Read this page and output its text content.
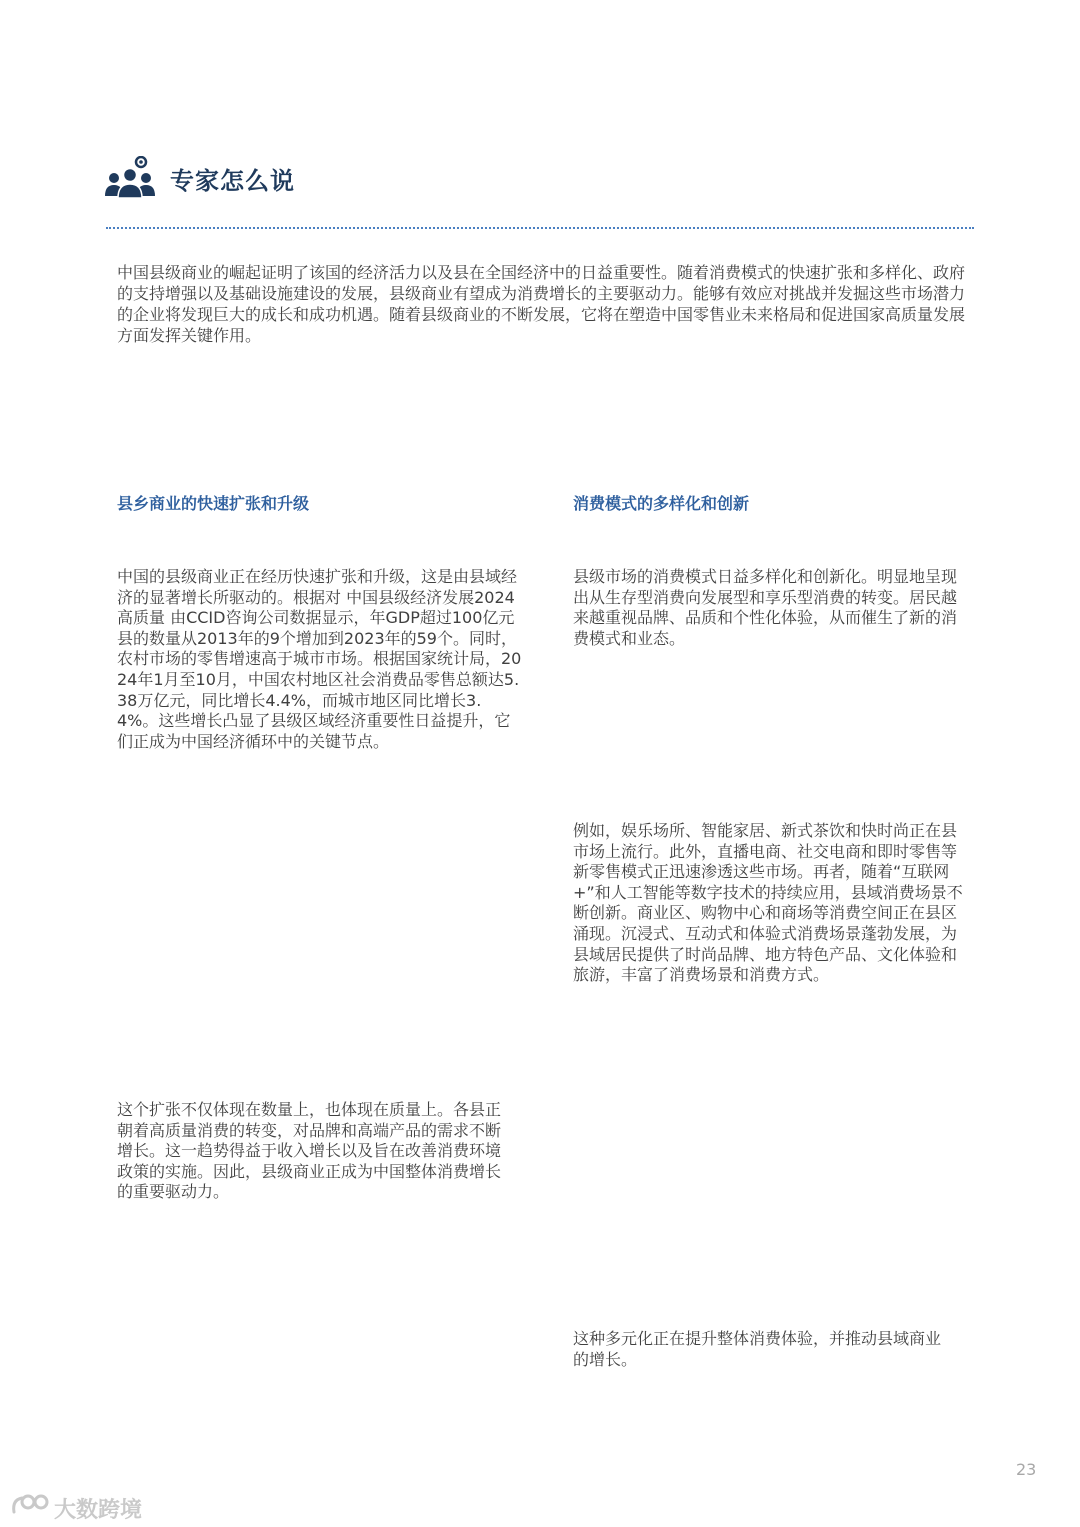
专家怎么说

中国县级商业的崛起证明了该国的经济活力以及县在全国经济中的日益重要性。随着消费模式的快速扩张和多样化、政府的支持增强以及基础设施建设的发展，县级商业有望成为消费增长的主要驱动力。能够有效应对挑战并发掘这些市场潜力的企业将发现巨大的成长和成功机遇。随着县级商业的不断发展，它将在塑造中国零售业未来格局和促进国家高质量发展方面发挥关键作用。

县乡商业的快速扩张和升级	消费模式的多样化和创新

中国的县级商业正在经历快速扩张和升级，这是由县域经济的显著增长所驱动的。根据对 中国县级经济发展2024高质量 由CCID咨询公司数据显示，年GDP超过100亿元县的数量从2013年的9个增加到2023年的59个。同时，农村市场的零售增速高于城市市场。根据国家统计局，2024年1月至10月，中国农村地区社会消费品零售总额达5.38万亿元，同比增长4.4%，而城市地区同比增长3.4%。这些增长凸显了县级区域经济重要性日益提升，它们正成为中国经济循环中的关键节点。

这个扩张不仅体现在数量上，也体现在质量上。各县正朝着高质量消费的转变，对品牌和高端产品的需求不断增长。这一趋势得益于收入增长以及旨在改善消费环境政策的实施。因此，县级商业正成为中国整体消费增长的重要驱动力。

县级市场的消费模式日益多样化和创新化。明显地呈现出从生存型消费向发展型和享乐型消费的转变。居民越来越重视品牌、品质和个性化体验，从而催生了新的消费模式和业态。

例如，娱乐场所、智能家居、新式茶饮和快时尚正在县市场上流行。此外，直播电商、社交电商和即时零售等新零售模式正迅速渗透这些市场。再者，随着“互联网+”和人工智能等数字技术的持续应用，县域消费场景不断创新。商业区、购物中心和商场等消费空间正在县区涌现。沉浸式、互动式和体验式消费场景蓬勃发展，为县域居民提供了时尚品牌、地方特色产品、文化体验和旅游，丰富了消费场景和消费方式。

这种多元化正在提升整体消费体验，并推动县域商业的增长。

23
大数跨境
